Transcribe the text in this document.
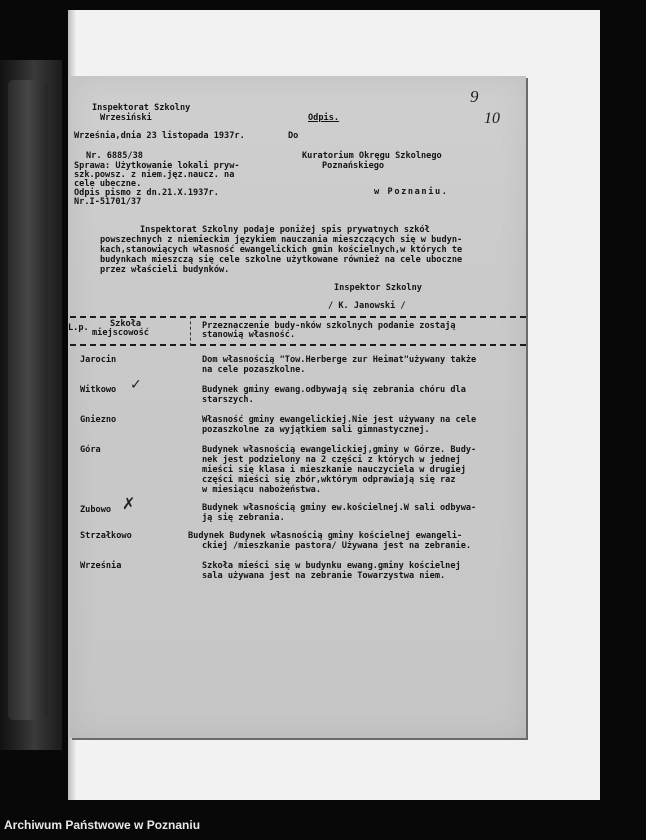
Inspektorat Szkolny
Wrzesiński	Odpis.
9
10
Września,dnia 23 listopada 1937r.	Do
Nr. 6885/38
Sprawa: Użytkowanie lokali pryw-
szk.powsz. z niem.jęz.naucz. na
cele ubeczne.
Odpis pismo z dn.21.X.1937r.
Nr.I-51701/37
Kuratorium Okręgu Szkolnego
Poznańskiego
w Poznaniu.
Inspektorat Szkolny podaje poniżej spis prywatnych szkół
powszechnych z niemieckim językiem nauczania mieszczących się w budyn-
kach,stanowiących własność ewangelickich gmin kościelnych,w których te
budynkach mieszczą się cele szkolne użytkowane również na cele uboczne
przez właścieli budynków.
Inspektor Szkolny
/ K. Janowski /
L.p. Szkoła
miejscowość
Przeznaczenie budy-nków szkolnych podanie zostają
stanowią własność.
Jarocin	Dom własnością "Tow.Herberge zur Heimat"używany także
na cele pozaszkolne.
Witkowo ✓	Budynek gminy ewang.odbywają się zebrania chóru dla
starszych.
Gniezno	Własność gminy ewangelickiej.Nie jest używany na cele
pozaszkolne za wyjątkiem sali gimnastycznej.
Góra	Budynek własnością ewangelickiej,gminy w Górze. Budy-
nek jest podzielony na 2 części z których w jednej
mieści się klasa i mieszkanie nauczyciela w drugiej
części mieści się zbór,wktórym odprawiają się raz
w miesiącu nabożeństwa.
Zubowo ✗	Budynek własnością gminy ew.kościelnej.W sali odbywa-
ją się zebrania.
Strzałkowo	Budynek Budynek własnością gminy kościelnej ewangeli-
ckiej /mieszkanie pastora/ Używana jest na zebranie.
Września	Szkoła mieści się w budynku ewang.gminy kościelnej
sala używana jest na zebranie Towarzystwa niem.
Archiwum Państwowe w Poznaniu
